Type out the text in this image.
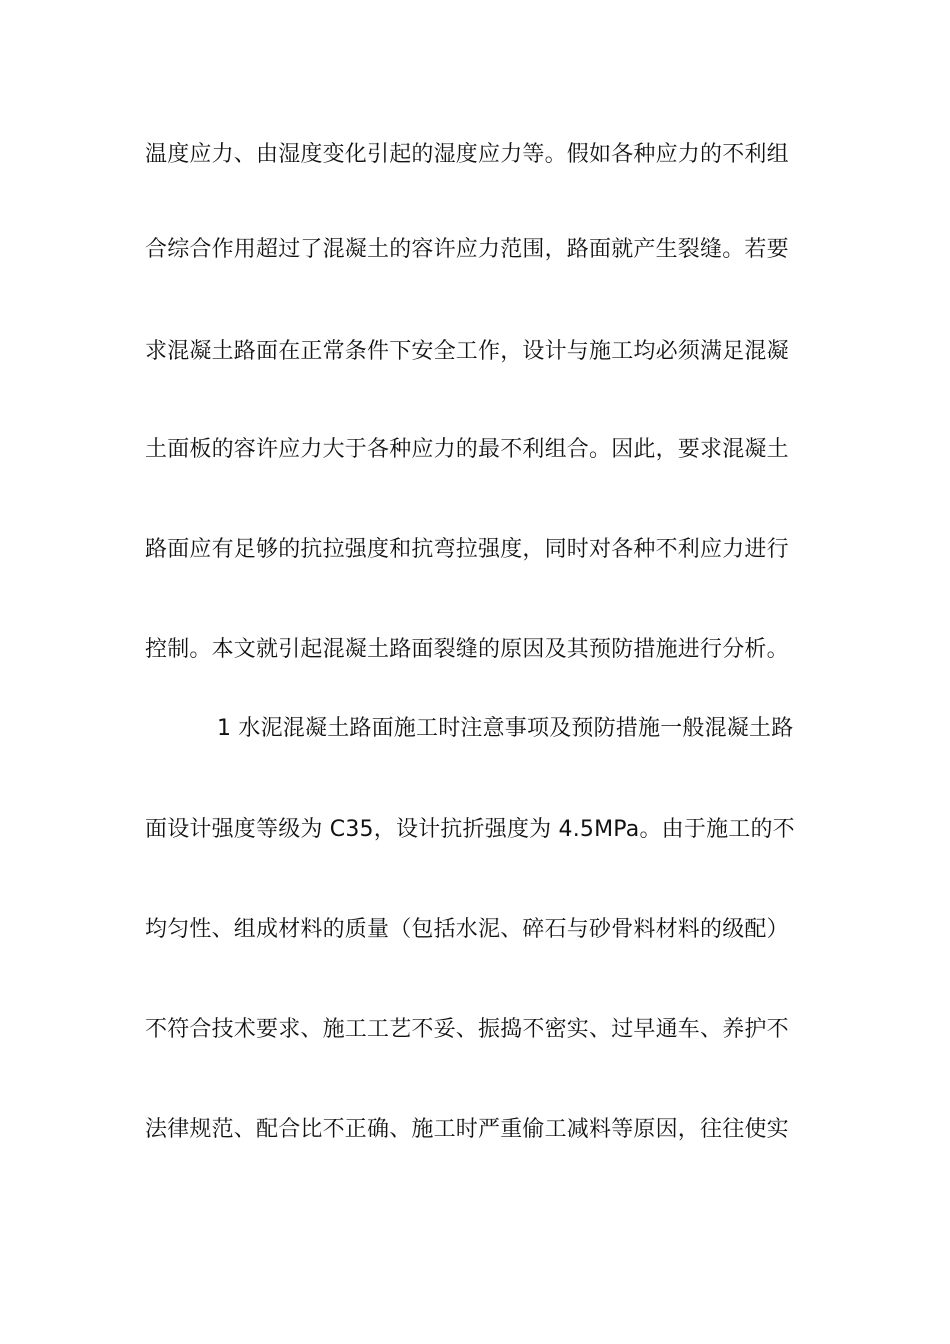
温度应力、由湿度变化引起的湿度应力等。假如各种应力的不利组
合综合作用超过了混凝土的容许应力范围，路面就产生裂缝。若要
求混凝土路面在正常条件下安全工作，设计与施工均必须满足混凝
土面板的容许应力大于各种应力的最不利组合。因此，要求混凝土
路面应有足够的抗拉强度和抗弯拉强度，同时对各种不利应力进行
控制。本文就引起混凝土路面裂缝的原因及其预防措施进行分析。
1 水泥混凝土路面施工时注意事项及预防措施一般混凝土路
面设计强度等级为 C35，设计抗折强度为 4.5MPa。由于施工的不
均匀性、组成材料的质量（包括水泥、碎石与砂骨料材料的级配）
不符合技术要求、施工工艺不妥、振捣不密实、过早通车、养护不
法律规范、配合比不正确、施工时严重偷工减料等原因，往往使实
